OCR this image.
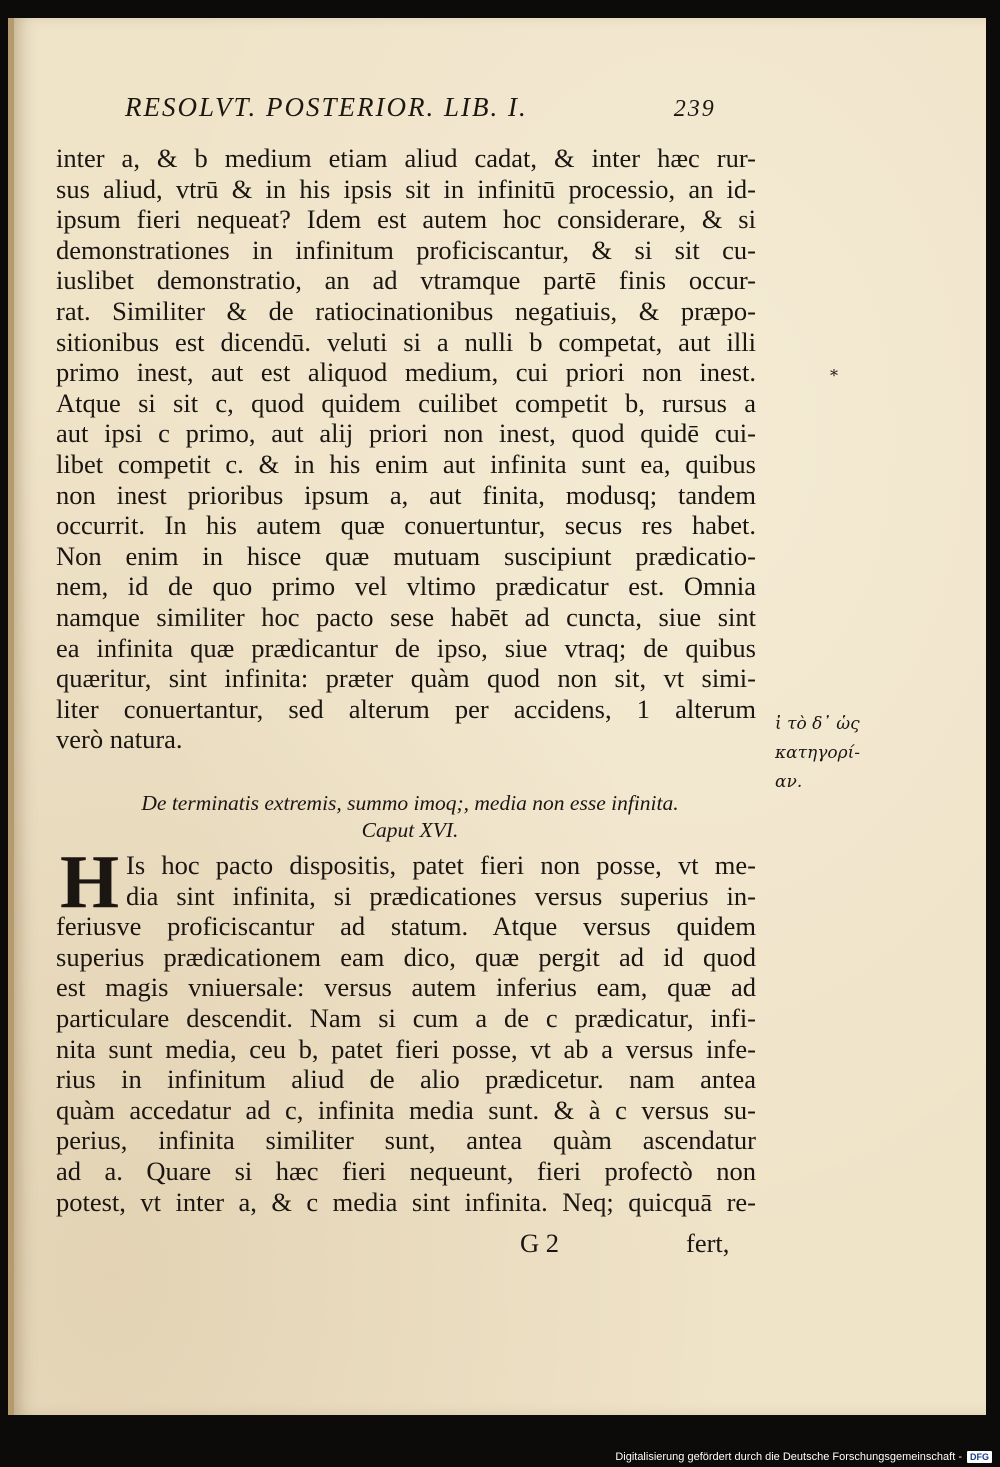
RESOLVT. POSTERIOR. LIB. I.	239
inter a, & b medium etiam aliud cadat, & inter hæc rur-
sus aliud, vtrū & in his ipsis sit in infinitū processio, an id-
ipsum fieri nequeat? Idem est autem hoc considerare, & si
demonstrationes in infinitum proficiscantur, & si sit cu-
iuslibet demonstratio, an ad vtramque partē finis occur-
rat. Similiter & de ratiocinationibus negatiuis, & præpo-
sitionibus est dicendū. veluti si a nulli b competat, aut illi
primo inest, aut est aliquod medium, cui priori non inest.
Atque si sit c, quod quidem cuilibet competit b, rursus a
aut ipsi c primo, aut alij priori non inest, quod quidē cui-
libet competit c. & in his enim aut infinita sunt ea, quibus
non inest prioribus ipsum a, aut finita, modusq; tandem
occurrit. In his autem quæ conuertuntur, secus res habet.
Non enim in hisce quæ mutuam suscipiunt prædicatio-
nem, id de quo primo vel vltimo prædicatur est. Omnia
namque similiter hoc pacto sese habēt ad cuncta, siue sint
ea infinita quæ prædicantur de ipso, siue vtraq; de quibus
quæritur, sint infinita: præter quàm quod non sit, vt simi-
liter conuertantur, sed alterum per accidens, 1 alterum
verò natura.
*
ἰ τὸ δ᾽ ὡς
κατηγορί-
αν.
De terminatis extremis, summo imoq;, media non esse infinita.
Caput XVI.
H Is hoc pacto dispositis, patet fieri non posse, vt me-
dia sint infinita, si prædicationes versus superius in-
feriusve proficiscantur ad statum. Atque versus quidem
superius prædicationem eam dico, quæ pergit ad id quod
est magis vniuersale: versus autem inferius eam, quæ ad
particulare descendit. Nam si cum a de c prædicatur, infi-
nita sunt media, ceu b, patet fieri posse, vt ab a versus infe-
rius in infinitum aliud de alio prædicetur. nam antea
quàm accedatur ad c, infinita media sunt. & à c versus su-
perius, infinita similiter sunt, antea quàm ascendatur
ad a. Quare si hæc fieri nequeunt, fieri profectò non
potest, vt inter a, & c media sint infinita. Neq; quicquā re-
G 2	fert,
Digitalisierung gefördert durch die Deutsche Forschungsgemeinschaft - DFG
